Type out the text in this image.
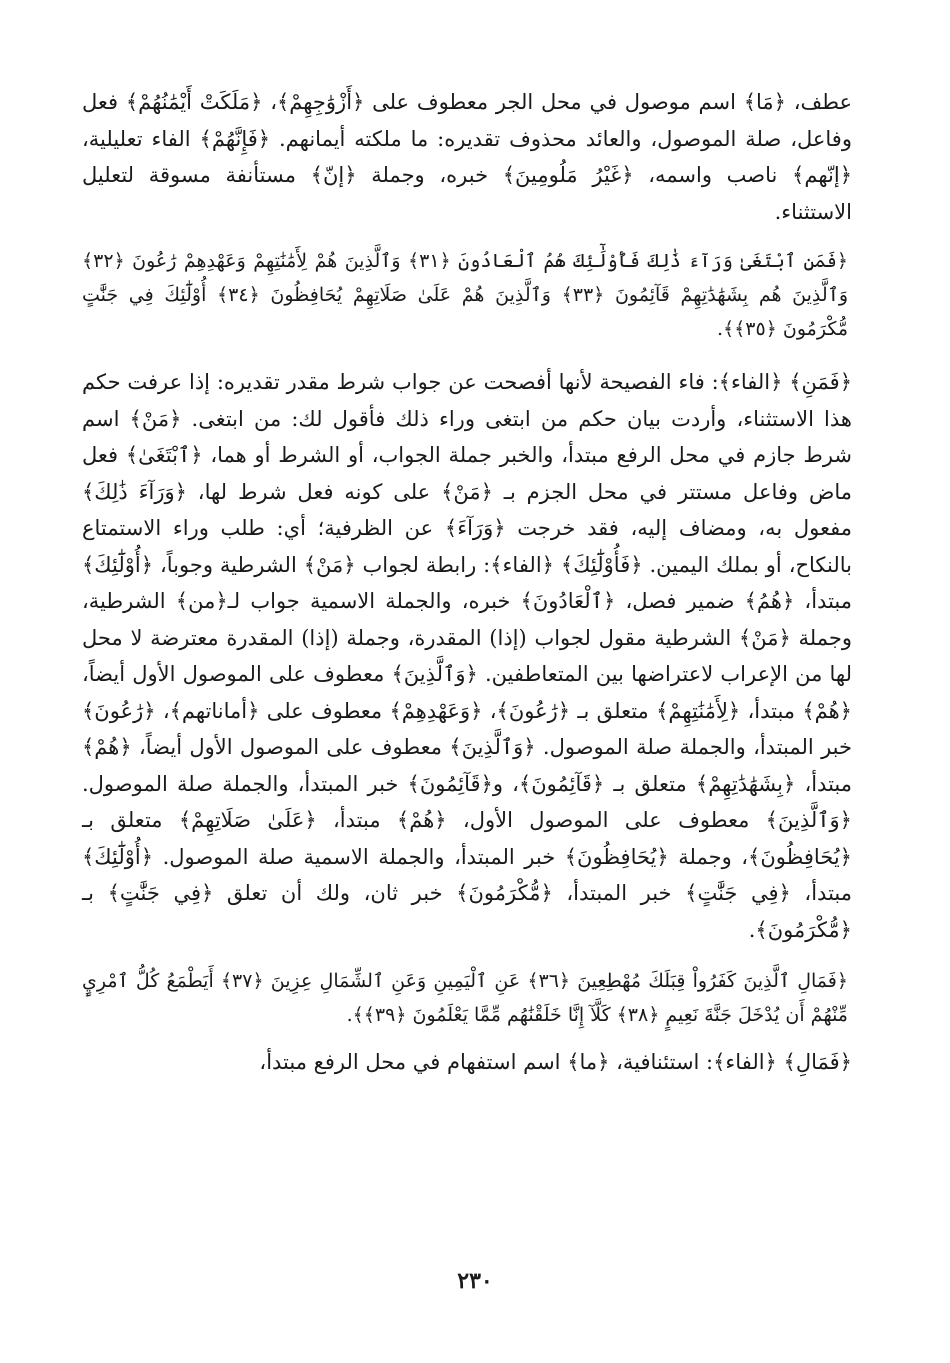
عطف، ﴿مَا﴾ اسم موصول في محل الجر معطوف على ﴿أَزْوَٰجِهِمْ﴾، ﴿مَلَكَتْ أَيْمَٰنُهُمْ﴾ فعل وفاعل، صلة الموصول، والعائد محذوف تقديره: ما ملكته أيمانهم. ﴿فَإِنَّهُمْ﴾ الفاء تعليلية، ﴿إنّهم﴾ ناصب واسمه، ﴿غَيْرُ مَلُومِينَ﴾ خبره، وجملة ﴿إنّ﴾ مستأنفة مسوقة لتعليل الاستثناء.

﴿فَمَنِ ٱبْتَغَىٰ وَرَآءَ ذَٰلِكَ فَأُوْلَٰٓئِكَ هُمُ ٱلْعَادُونَ ﴿٣١﴾ وَٱلَّذِينَ هُمْ لِأَمَٰنَٰتِهِمْ وَعَهْدِهِمْ رَٰعُونَ ﴿٣٢﴾ وَٱلَّذِينَ هُم بِشَهَٰدَٰتِهِمْ قَآئِمُونَ ﴿٣٣﴾ وَٱلَّذِينَ هُمْ عَلَىٰ صَلَاتِهِمْ يُحَافِظُونَ ﴿٣٤﴾ أُوْلَٰٓئِكَ فِي جَنَّٰتٍ مُّكْرَمُونَ ﴿٣٥﴾﴾.

﴿فَمَنِ﴾ ﴿الفاء﴾: فاء الفصيحة لأنها أفصحت عن جواب شرط مقدر تقديره: إذا عرفت حكم هذا الاستثناء، وأردت بيان حكم من ابتغى وراء ذلك فأقول لك: من ابتغى. ﴿مَنْ﴾ اسم شرط جازم في محل الرفع مبتدأ، والخبر جملة الجواب، أو الشرط أو هما، ﴿ٱبْتَغَىٰ﴾ فعل ماض وفاعل مستتر في محل الجزم بـ ﴿مَنْ﴾ على كونه فعل شرط لها، ﴿وَرَآءَ ذَٰلِكَ﴾ مفعول به، ومضاف إليه، فقد خرجت ﴿وَرَآءَ﴾ عن الظرفية؛ أي: طلب وراء الاستمتاع بالنكاح، أو بملك اليمين. ﴿فَأُوْلَٰٓئِكَ﴾ ﴿الفاء﴾: رابطة لجواب ﴿مَنْ﴾ الشرطية وجوباً، ﴿أُوْلَٰٓئِكَ﴾ مبتدأ، ﴿هُمُ﴾ ضمير فصل، ﴿ٱلْعَادُونَ﴾ خبره، والجملة الاسمية جواب لـ﴿من﴾ الشرطية، وجملة ﴿مَنْ﴾ الشرطية مقول لجواب (إذا) المقدرة، وجملة (إذا) المقدرة معترضة لا محل لها من الإعراب لاعتراضها بين المتعاطفين. ﴿وَٱلَّذِينَ﴾ معطوف على الموصول الأول أيضاً، ﴿هُمْ﴾ مبتدأ، ﴿لِأَمَٰنَٰتِهِمْ﴾ متعلق بـ ﴿رَٰعُونَ﴾، ﴿وَعَهْدِهِمْ﴾ معطوف على ﴿أماناتهم﴾، ﴿رَٰعُونَ﴾ خبر المبتدأ، والجملة صلة الموصول. ﴿وَٱلَّذِينَ﴾ معطوف على الموصول الأول أيضاً، ﴿هُمْ﴾ مبتدأ، ﴿بِشَهَٰدَٰتِهِمْ﴾ متعلق بـ ﴿قَآئِمُونَ﴾، و﴿قَآئِمُونَ﴾ خبر المبتدأ، والجملة صلة الموصول. ﴿وَٱلَّذِينَ﴾ معطوف على الموصول الأول، ﴿هُمْ﴾ مبتدأ، ﴿عَلَىٰ صَلَاتِهِمْ﴾ متعلق بـ ﴿يُحَافِظُونَ﴾، وجملة ﴿يُحَافِظُونَ﴾ خبر المبتدأ، والجملة الاسمية صلة الموصول. ﴿أُوْلَٰٓئِكَ﴾ مبتدأ، ﴿فِي جَنَّٰتٍ﴾ خبر المبتدأ، ﴿مُّكْرَمُونَ﴾ خبر ثان، ولك أن تعلق ﴿فِي جَنَّٰتٍ﴾ بـ ﴿مُّكْرَمُونَ﴾.

﴿فَمَالِ ٱلَّذِينَ كَفَرُواْ قِبَلَكَ مُهْطِعِينَ ﴿٣٦﴾ عَنِ ٱلْيَمِينِ وَعَنِ ٱلشِّمَالِ عِزِينَ ﴿٣٧﴾ أَيَطْمَعُ كُلُّ ٱمْرِيٍٕ مِّنْهُمْ أَن يُدْخَلَ جَنَّةَ نَعِيمٍ ﴿٣٨﴾ كَلَّآ إِنَّا خَلَقْنَٰهُم مِّمَّا يَعْلَمُونَ ﴿٣٩﴾﴾.

﴿فَمَالِ﴾ ﴿الفاء﴾: استئنافية، ﴿ما﴾ اسم استفهام في محل الرفع مبتدأ،

٢٣٠
